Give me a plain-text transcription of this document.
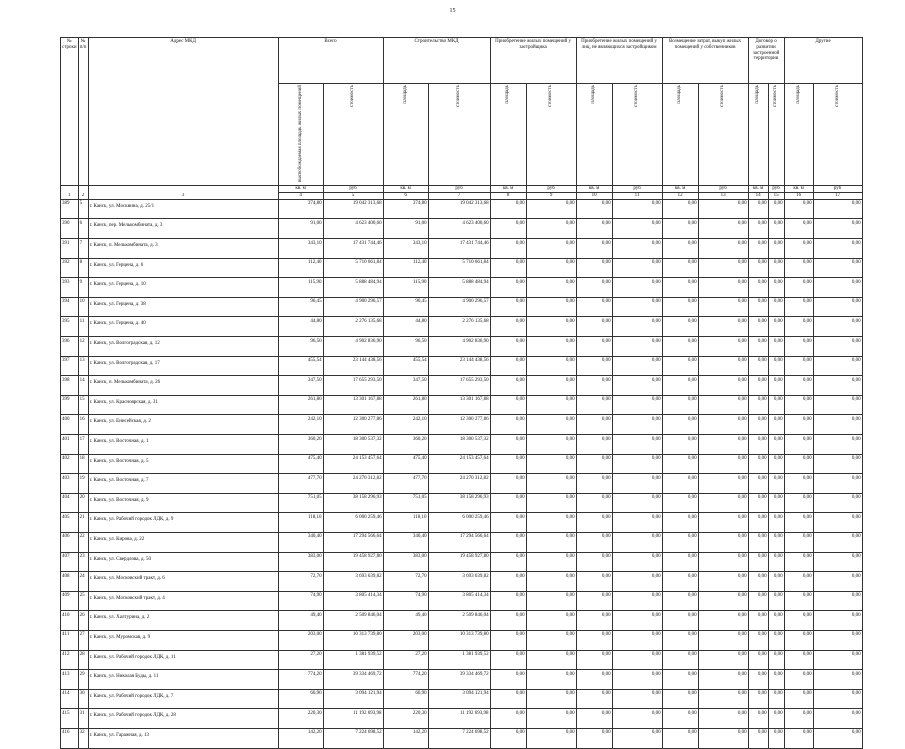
15
№ строки	№ п/п	Адрес МКД	Всего		Строительство МКД		Приобретение жилых помещений у застройщика		Приобретение жилых помещений у лиц, не являющихся застройщиком		Возмещение затрат, выкуп жилых помещений у собственников		Договор о развитии застроенной территории		Другие	
			высвобождаемая площадь жилых помещений	стоимость	площадь	стоимость	площадь	стоимость	площадь	стоимость	площадь	стоимость	площадь	стоимость	площадь	стоимость
			кв. м	руб	кв. м	руб	кв. м	руб	кв. м	руб	кв. м	руб	кв. м	руб	кв. м	руб
1	2	3	4	5	6	7	8	9	10	11	12	13	14	15	16	17
389	5	г. Канск, ул. Москвина, д. 25/1	374,80	19 042 313,68	374,80	19 042 313,68	0,00	0,00	0,00	0,00	0,00	0,00	0,00	0,00	0,00	0,00
390	6	г. Канск, пер. Мелькомбината, д. 3	91,00	4 623 400,60	91,00	4 623 400,60	0,00	0,00	0,00	0,00	0,00	0,00	0,00	0,00	0,00	0,00
391	7	г. Канск, п. Мелькомбината, д. 3	343,10	17 431 744,46	343,10	17 431 744,46	0,00	0,00	0,00	0,00	0,00	0,00	0,00	0,00	0,00	0,00
392	8	г. Канск, ул. Герцена, д. 6	112,40	5 710 661,84	112,40	5 710 661,84	0,00	0,00	0,00	0,00	0,00	0,00	0,00	0,00	0,00	0,00
393	9	г. Канск, ул. Герцена, д. 10	115,90	5 888 484,94	115,90	5 888 484,94	0,00	0,00	0,00	0,00	0,00	0,00	0,00	0,00	0,00	0,00
394	10	г. Канск, ул. Герцена, д. 38	96,45	4 900 296,57	96,45	4 900 296,57	0,00	0,00	0,00	0,00	0,00	0,00	0,00	0,00	0,00	0,00
395	11	г. Канск, ул. Герцена, д. 40	44,80	2 276 135,68	44,80	2 276 135,68	0,00	0,00	0,00	0,00	0,00	0,00	0,00	0,00	0,00	0,00
396	12	г. Канск, ул. Волгоградская, д. 12	96,50	4 902 836,90	96,50	4 902 836,90	0,00	0,00	0,00	0,00	0,00	0,00	0,00	0,00	0,00	0,00
397	13	г. Канск, ул. Волгоградская, д. 17	455,54	23 144 438,56	455,54	23 144 438,56	0,00	0,00	0,00	0,00	0,00	0,00	0,00	0,00	0,00	0,00
398	14	г. Канск, п. Мелькомбината, д. 26	347,50	17 655 293,50	347,50	17 655 293,50	0,00	0,00	0,00	0,00	0,00	0,00	0,00	0,00	0,00	0,00
399	15	г. Канск, ул. Красноярская, д. 31	261,80	13 301 167,88	261,80	13 301 167,88	0,00	0,00	0,00	0,00	0,00	0,00	0,00	0,00	0,00	0,00
400	16	г. Канск, ул. Енисейская, д. 2	242,10	12 300 277,86	242,10	12 300 277,86	0,00	0,00	0,00	0,00	0,00	0,00	0,00	0,00	0,00	0,00
401	17	г. Канск, ул. Восточная, д. 1	360,20	18 300 537,32	360,20	18 300 537,32	0,00	0,00	0,00	0,00	0,00	0,00	0,00	0,00	0,00	0,00
402	18	г. Канск, ул. Восточная, д. 5	475,40	24 153 457,64	475,40	24 153 457,64	0,00	0,00	0,00	0,00	0,00	0,00	0,00	0,00	0,00	0,00
403	19	г. Канск, ул. Восточная, д. 7	477,70	24 270 312,82	477,70	24 270 312,82	0,00	0,00	0,00	0,00	0,00	0,00	0,00	0,00	0,00	0,00
404	20	г. Канск, ул. Восточная, д. 9	751,05	38 158 296,93	751,05	38 158 296,93	0,00	0,00	0,00	0,00	0,00	0,00	0,00	0,00	0,00	0,00
405	21	г. Канск, ул. Рабочий городок ЛДК, д. 9	118,10	6 000 259,46	118,10	6 000 259,46	0,00	0,00	0,00	0,00	0,00	0,00	0,00	0,00	0,00	0,00
406	22	г. Канск, ул. Кирова, д. 22	340,40	17 294 566,64	340,40	17 294 566,64	0,00	0,00	0,00	0,00	0,00	0,00	0,00	0,00	0,00	0,00
407	23	г. Канск, ул. Свердлова, д. 50	383,00	19 458 927,80	383,00	19 458 927,80	0,00	0,00	0,00	0,00	0,00	0,00	0,00	0,00	0,00	0,00
408	24	г. Канск, ул. Московский тракт, д. 6	72,70	3 693 639,82	72,70	3 693 639,82	0,00	0,00	0,00	0,00	0,00	0,00	0,00	0,00	0,00	0,00
409	25	г. Канск, ул. Московский тракт, д. 4	74,90	3 805 414,34	74,90	3 805 414,34	0,00	0,00	0,00	0,00	0,00	0,00	0,00	0,00	0,00	0,00
410	26	г. Канск, ул. Халтурина, д. 2	49,40	2 509 846,04	49,40	2 509 846,04	0,00	0,00	0,00	0,00	0,00	0,00	0,00	0,00	0,00	0,00
411	27	г. Канск, ул. Муромская, д. 9	203,00	10 313 739,80	203,00	10 313 739,80	0,00	0,00	0,00	0,00	0,00	0,00	0,00	0,00	0,00	0,00
412	28	г. Канск, ул. Рабочий городок ЛДК, д. 11	27,20	1 381 939,52	27,20	1 381 939,52	0,00	0,00	0,00	0,00	0,00	0,00	0,00	0,00	0,00	0,00
413	29	г. Канск, ул. Николая Буды, д. 11	774,20	39 334 469,72	774,20	39 334 469,72	0,00	0,00	0,00	0,00	0,00	0,00	0,00	0,00	0,00	0,00
414	30	г. Канск, ул. Рабочий городок ЛДК, д. 7	60,90	3 094 121,94	60,90	3 094 121,94	0,00	0,00	0,00	0,00	0,00	0,00	0,00	0,00	0,00	0,00
415	31	г. Канск, ул. Рабочий городок ЛДК, д. 28	220,30	11 192 693,98	220,30	11 192 693,98	0,00	0,00	0,00	0,00	0,00	0,00	0,00	0,00	0,00	0,00
416	32	г. Канск, ул. Гаражная, д. 13	142,20	7 224 698,52	142,20	7 224 698,52	0,00	0,00	0,00	0,00	0,00	0,00	0,00	0,00	0,00	0,00
